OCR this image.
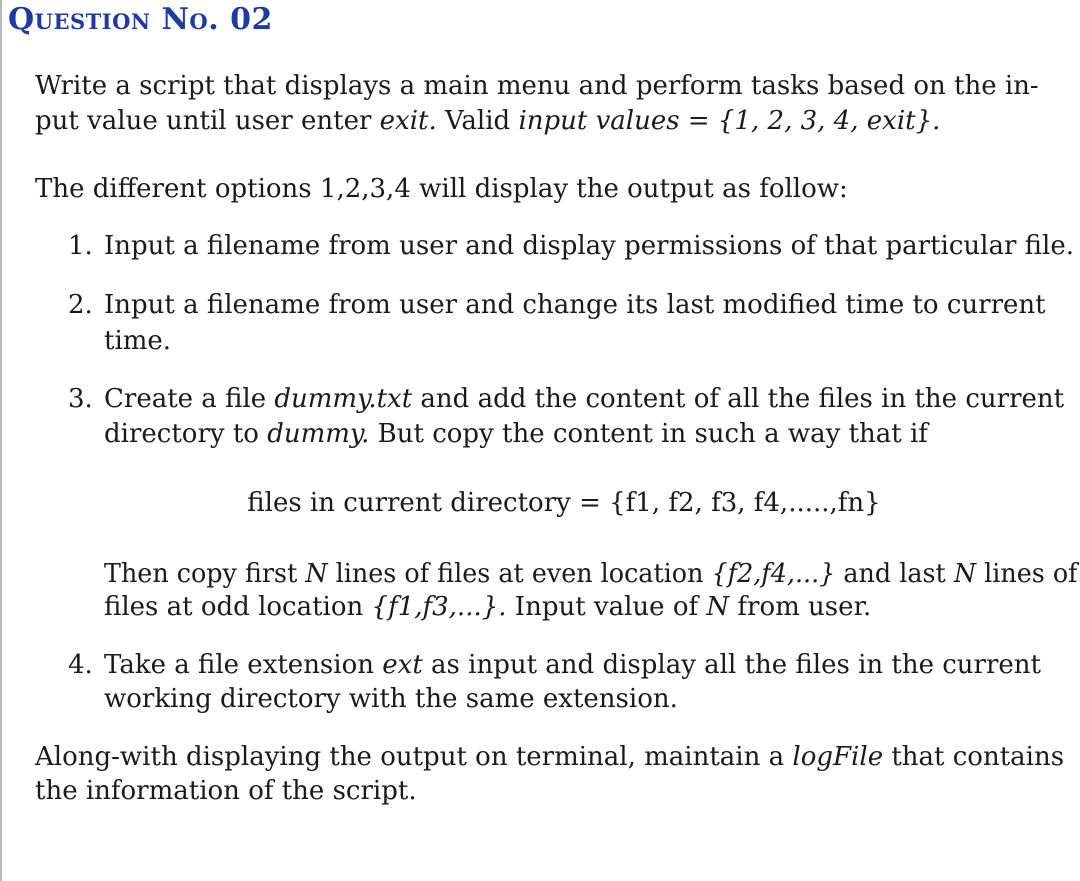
Question No. 02
Write a script that displays a main menu and perform tasks based on the in-
put value until user enter exit. Valid input values = {1, 2, 3, 4, exit}.
The different options 1,2,3,4 will display the output as follow:
1. Input a filename from user and display permissions of that particular file.
2. Input a filename from user and change its last modified time to current
time.
3. Create a file dummy.txt and add the content of all the files in the current
directory to dummy. But copy the content in such a way that if
files in current directory = {f1, f2, f3, f4,.....,fn}
Then copy first N lines of files at even location {f2,f4,...} and last N lines of
files at odd location {f1,f3,...}. Input value of N from user.
4. Take a file extension ext as input and display all the files in the current
working directory with the same extension.
Along-with displaying the output on terminal, maintain a logFile that contains
the information of the script.
